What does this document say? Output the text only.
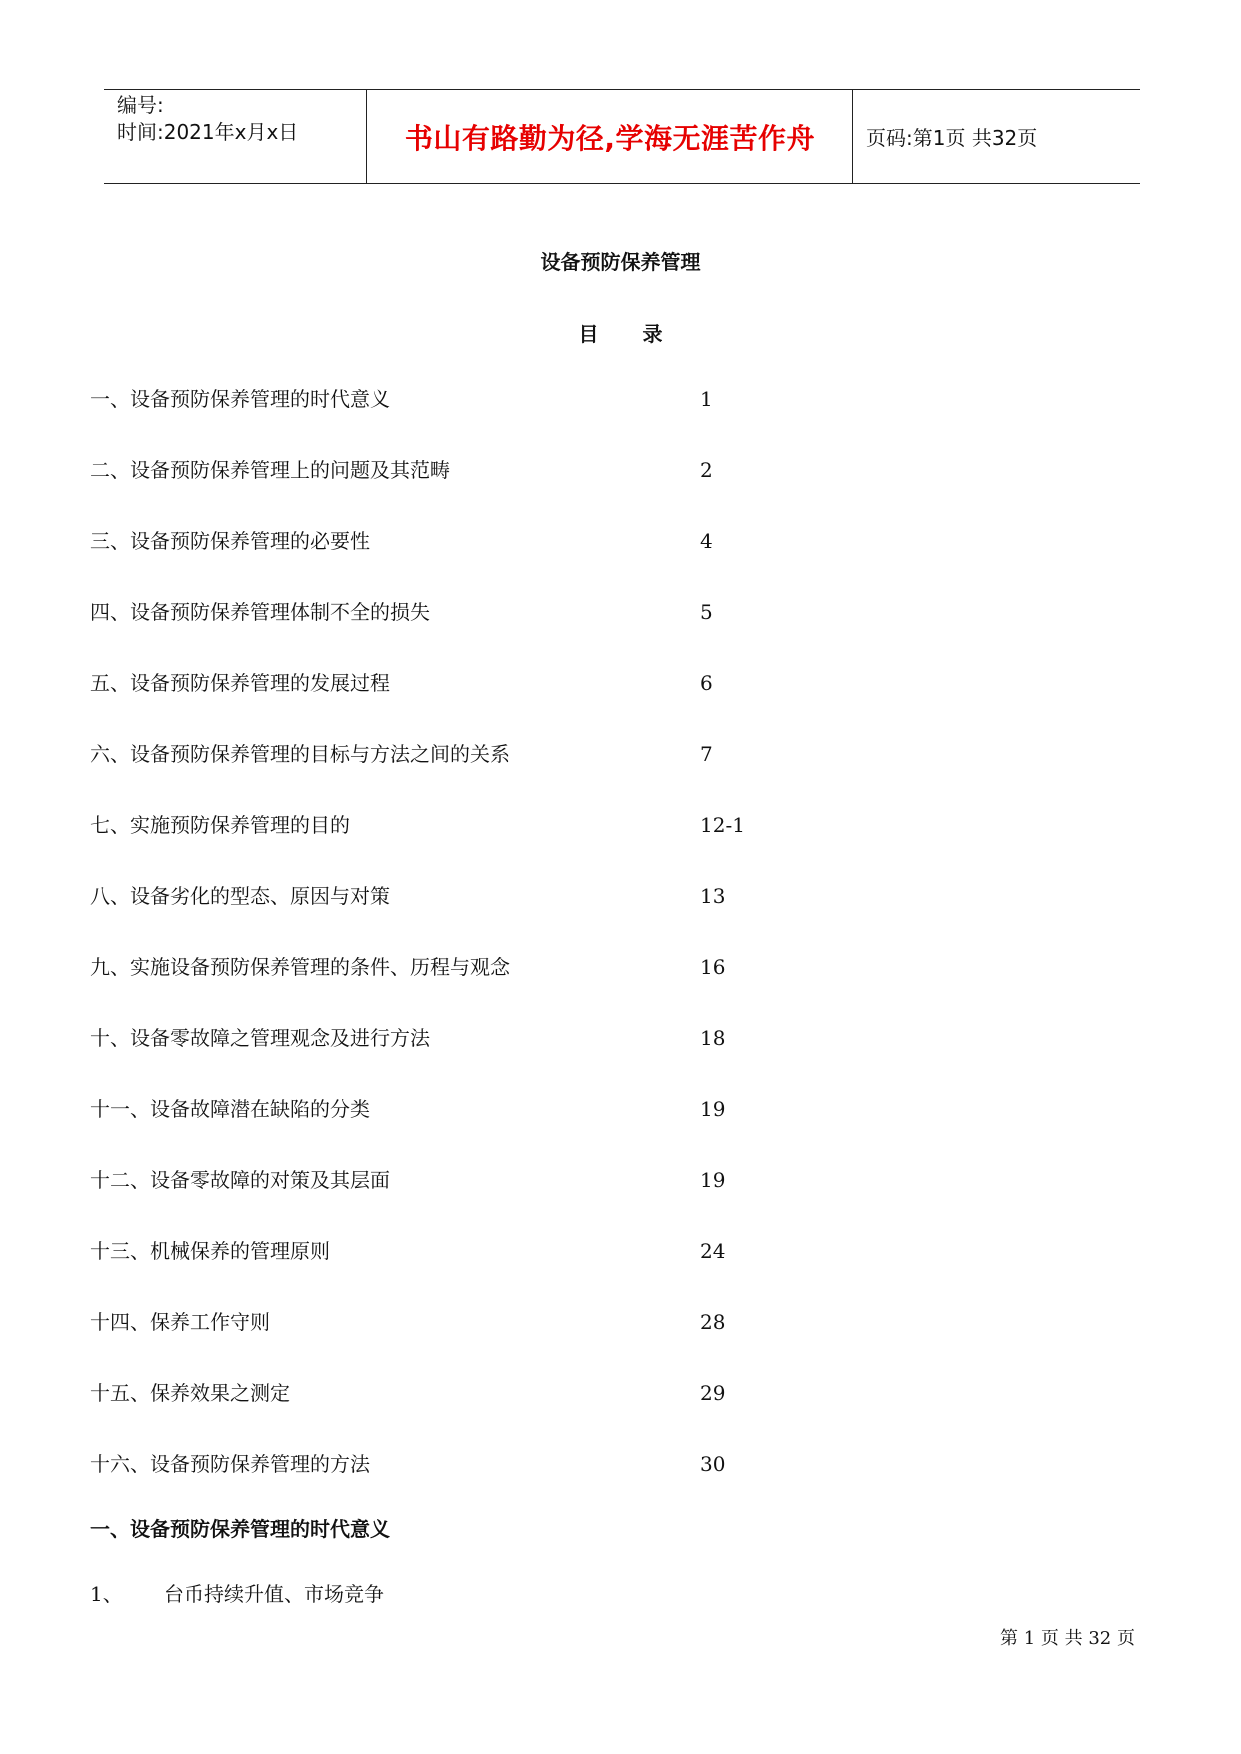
编号:
时间:2021年x月x日	书山有路勤为径,学海无涯苦作舟	页码:第1页 共32页
设备预防保养管理
目录
一、设备预防保养管理的时代意义	1
二、设备预防保养管理上的问题及其范畴	2
三、设备预防保养管理的必要性	4
四、设备预防保养管理体制不全的损失	5
五、设备预防保养管理的发展过程	6
六、设备预防保养管理的目标与方法之间的关系	7
七、实施预防保养管理的目的	12-1
八、设备劣化的型态、原因与对策	13
九、实施设备预防保养管理的条件、历程与观念	16
十、设备零故障之管理观念及进行方法	18
十一、设备故障潜在缺陷的分类	19
十二、设备零故障的对策及其层面	19
十三、机械保养的管理原则	24
十四、保养工作守则	28
十五、保养效果之测定	29
十六、设备预防保养管理的方法	30
一、设备预防保养管理的时代意义
1、 台币持续升值、市场竞争
第 1 页 共 32 页
